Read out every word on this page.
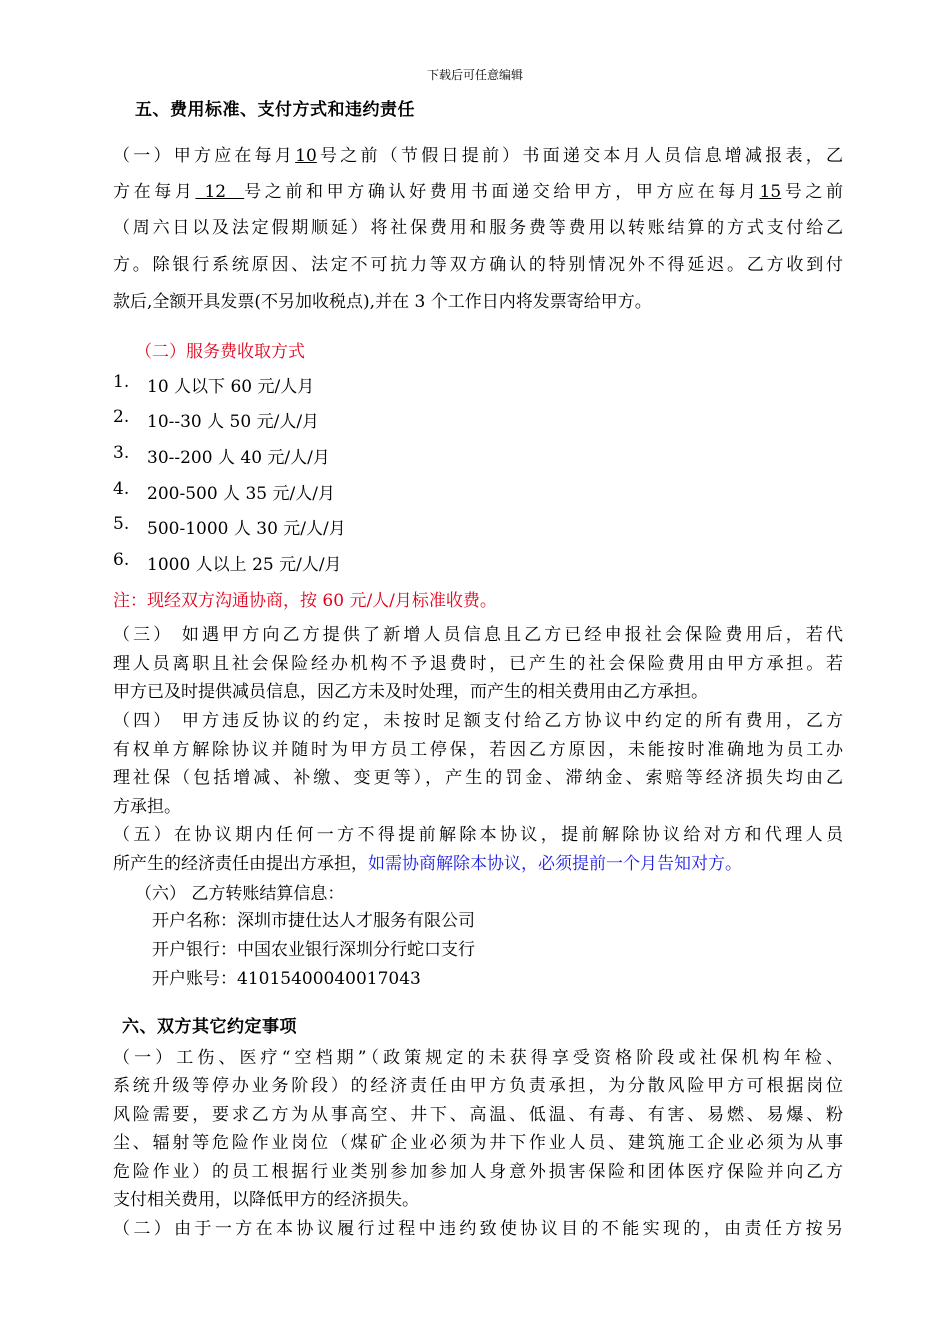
下载后可任意编辑
五、费用标准、支付方式和违约责任
（一）甲方应在每月10号之前（节假日提前）书面递交本月人员信息增减报表，乙
方在每月 12  号之前和甲方确认好费用书面递交给甲方，甲方应在每月15号之前
（周六日以及法定假期顺延）将社保费用和服务费等费用以转账结算的方式支付给乙
方。除银行系统原因、法定不可抗力等双方确认的特别情况外不得延迟。乙方收到付
款后,全额开具发票(不另加收税点),并在 3 个工作日内将发票寄给甲方。
（二）服务费收取方式
1. 10 人以下 60 元/人月
2. 10--30 人 50 元/人/月
3. 30--200 人 40 元/人/月
4. 200-500 人 35 元/人/月
5. 500-1000 人 30 元/人/月
6. 1000 人以上 25 元/人/月
注：现经双方沟通协商，按 60 元/人/月标准收费。
（三） 如遇甲方向乙方提供了新增人员信息且乙方已经申报社会保险费用后，若代
理人员离职且社会保险经办机构不予退费时，已产生的社会保险费用由甲方承担。若
甲方已及时提供减员信息，因乙方未及时处理，而产生的相关费用由乙方承担。
（四） 甲方违反协议的约定，未按时足额支付给乙方协议中约定的所有费用，乙方
有权单方解除协议并随时为甲方员工停保，若因乙方原因，未能按时准确地为员工办
理社保（包括增减、补缴、变更等），产生的罚金、滞纳金、索赔等经济损失均由乙
方承担。
（五）在协议期内任何一方不得提前解除本协议，提前解除协议给对方和代理人员
所产生的经济责任由提出方承担，如需协商解除本协议，必须提前一个月告知对方。
（六） 乙方转账结算信息：
开户名称：深圳市捷仕达人才服务有限公司
开户银行：中国农业银行深圳分行蛇口支行
开户账号：41015400040017043
六、双方其它约定事项
（一）工伤、医疗“空档期”（政策规定的未获得享受资格阶段或社保机构年检、
系统升级等停办业务阶段）的经济责任由甲方负责承担，为分散风险甲方可根据岗位
风险需要，要求乙方为从事高空、井下、高温、低温、有毒、有害、易燃、易爆、粉
尘、辐射等危险作业岗位（煤矿企业必须为井下作业人员、建筑施工企业必须为从事
危险作业）的员工根据行业类别参加参加人身意外损害保险和团体医疗保险并向乙方
支付相关费用，以降低甲方的经济损失。
（二）由于一方在本协议履行过程中违约致使协议目的不能实现的，由责任方按另
